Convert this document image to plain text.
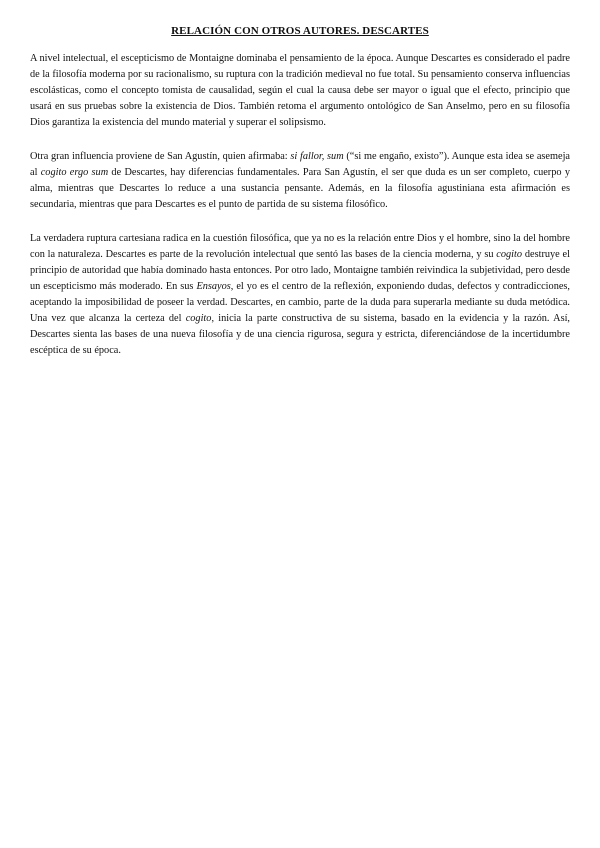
RELACIÓN CON OTROS AUTORES. DESCARTES

A nivel intelectual, el escepticismo de Montaigne dominaba el pensamiento de la época. Aunque Descartes es considerado el padre de la filosofía moderna por su racionalismo, su ruptura con la tradición medieval no fue total. Su pensamiento conserva influencias escolásticas, como el concepto tomista de causalidad, según el cual la causa debe ser mayor o igual que el efecto, principio que usará en sus pruebas sobre la existencia de Dios. También retoma el argumento ontológico de San Anselmo, pero en su filosofía Dios garantiza la existencia del mundo material y superar el solipsismo.

Otra gran influencia proviene de San Agustín, quien afirmaba: si fallor, sum (“si me engaño, existo”). Aunque esta idea se asemeja al cogito ergo sum de Descartes, hay diferencias fundamentales. Para San Agustín, el ser que duda es un ser completo, cuerpo y alma, mientras que Descartes lo reduce a una sustancia pensante. Además, en la filosofía agustiniana esta afirmación es secundaria, mientras que para Descartes es el punto de partida de su sistema filosófico.

La verdadera ruptura cartesiana radica en la cuestión filosófica, que ya no es la relación entre Dios y el hombre, sino la del hombre con la naturaleza. Descartes es parte de la revolución intelectual que sentó las bases de la ciencia moderna, y su cogito destruye el principio de autoridad que había dominado hasta entonces. Por otro lado, Montaigne también reivindica la subjetividad, pero desde un escepticismo más moderado. En sus Ensayos, el yo es el centro de la reflexión, exponiendo dudas, defectos y contradicciones, aceptando la imposibilidad de poseer la verdad. Descartes, en cambio, parte de la duda para superarla mediante su duda metódica. Una vez que alcanza la certeza del cogito, inicia la parte constructiva de su sistema, basado en la evidencia y la razón. Así, Descartes sienta las bases de una nueva filosofía y de una ciencia rigurosa, segura y estricta, diferenciándose de la incertidumbre escéptica de su época.
